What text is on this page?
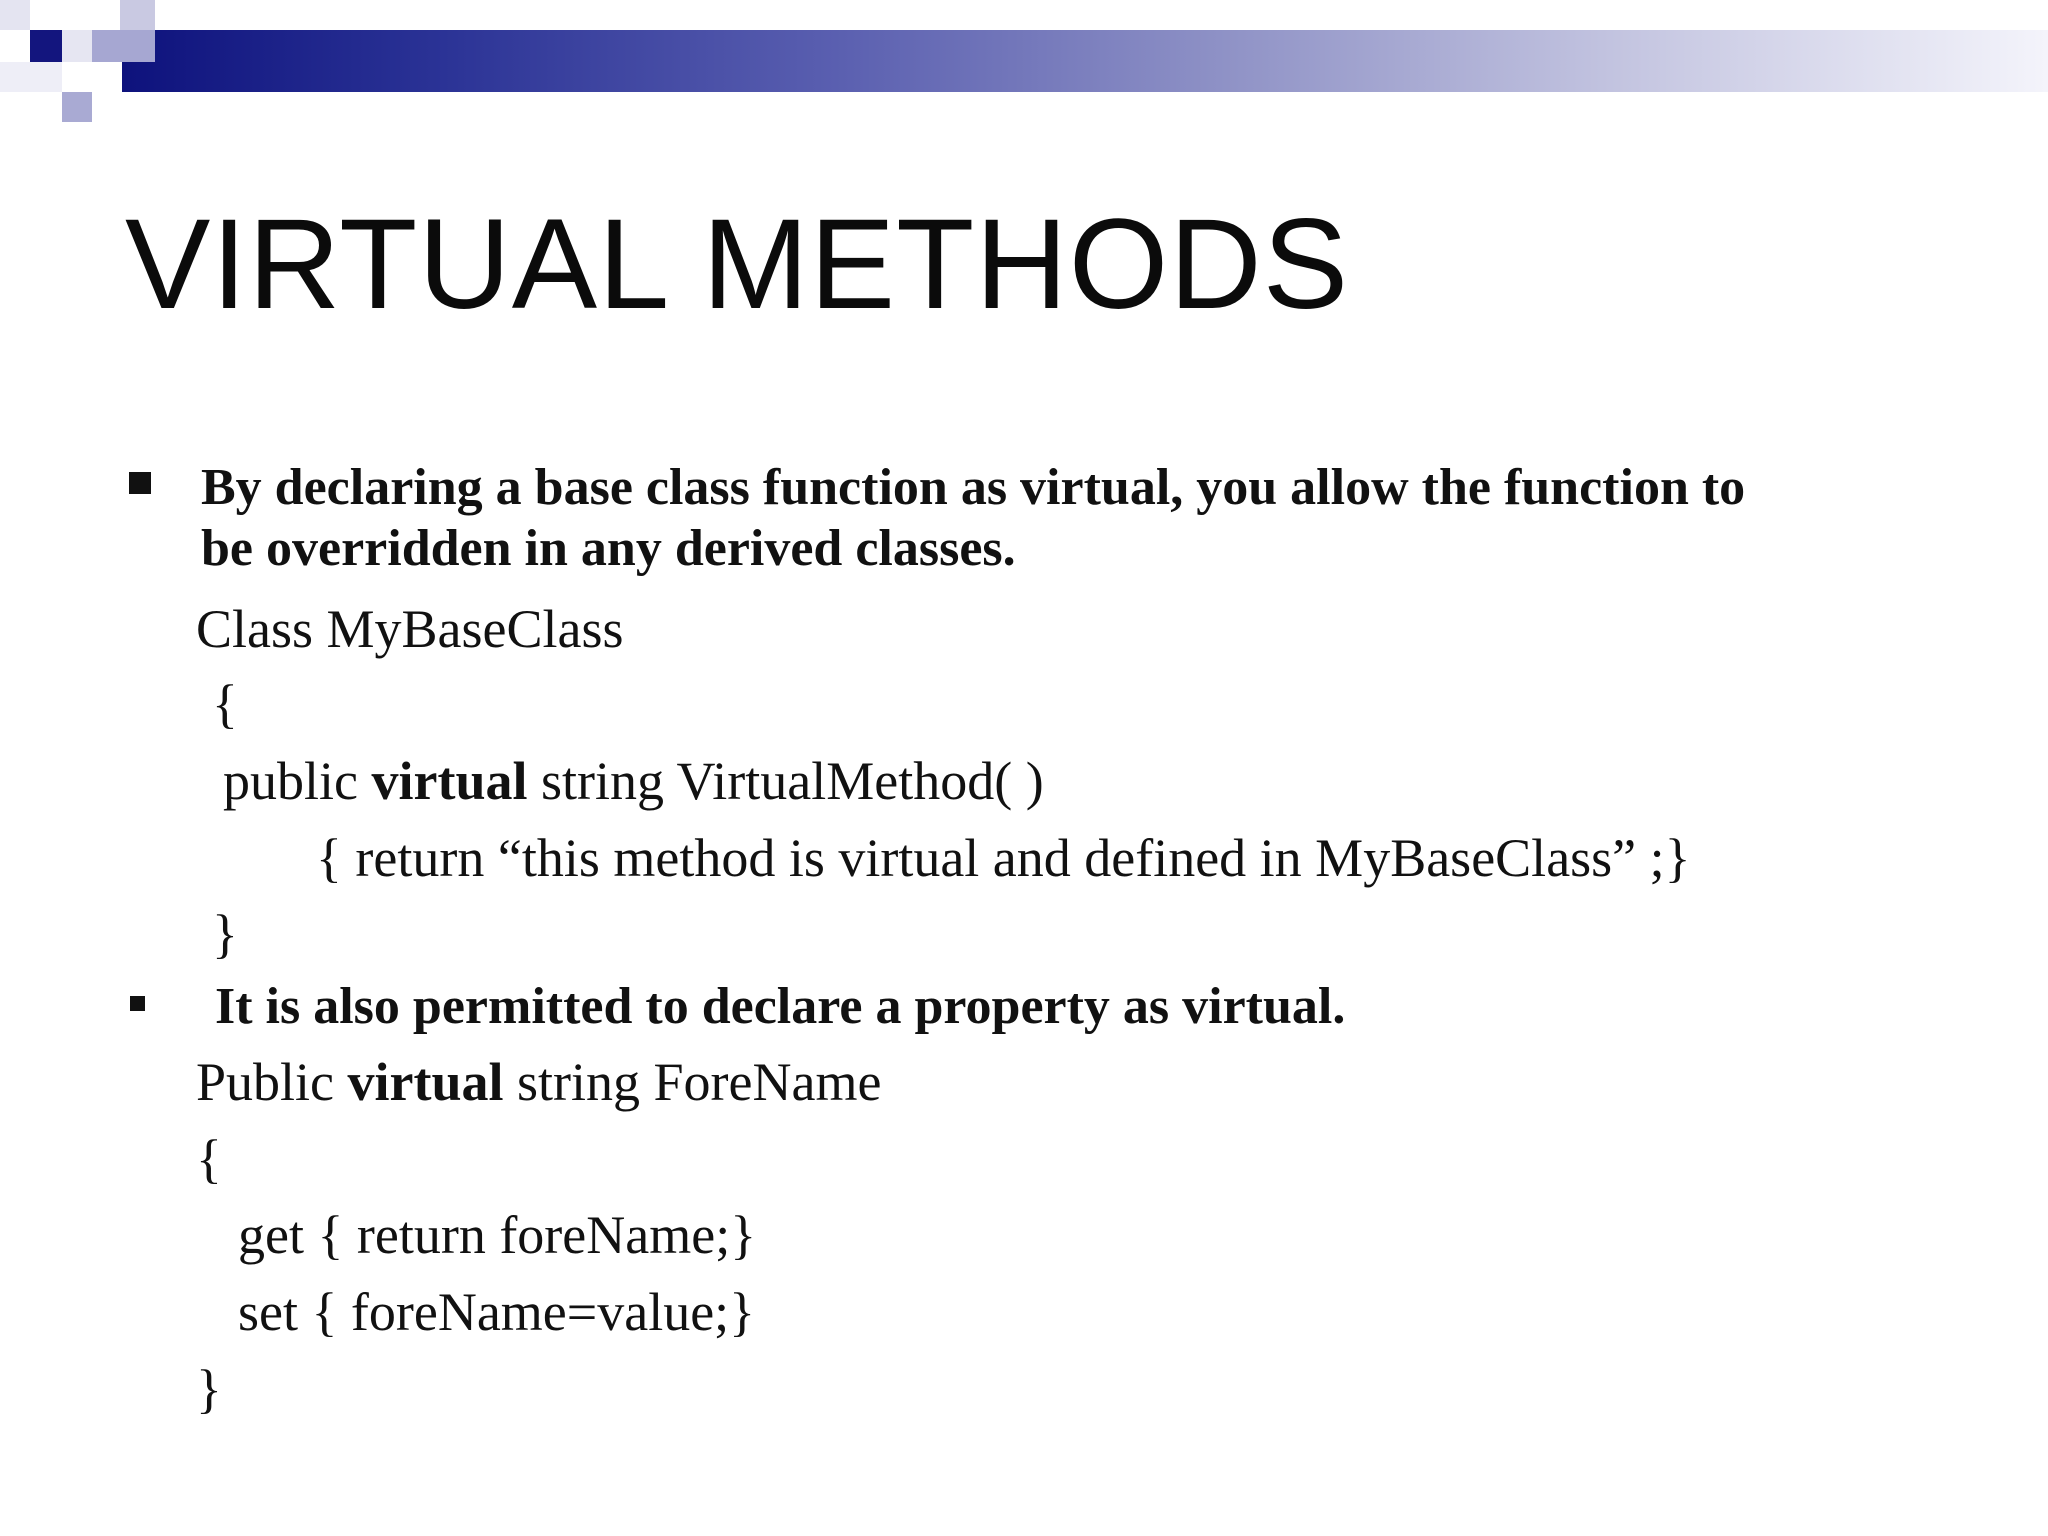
VIRTUAL METHODS
By declaring a base class function as virtual, you allow the function to
be overridden in any derived classes.
Class MyBaseClass
{
public virtual string VirtualMethod( )
{ return “this method is virtual and defined in MyBaseClass” ;}
}
It is also permitted to declare a property as virtual.
Public virtual string ForeName
{
get { return foreName;}
set { foreName=value;}
}
